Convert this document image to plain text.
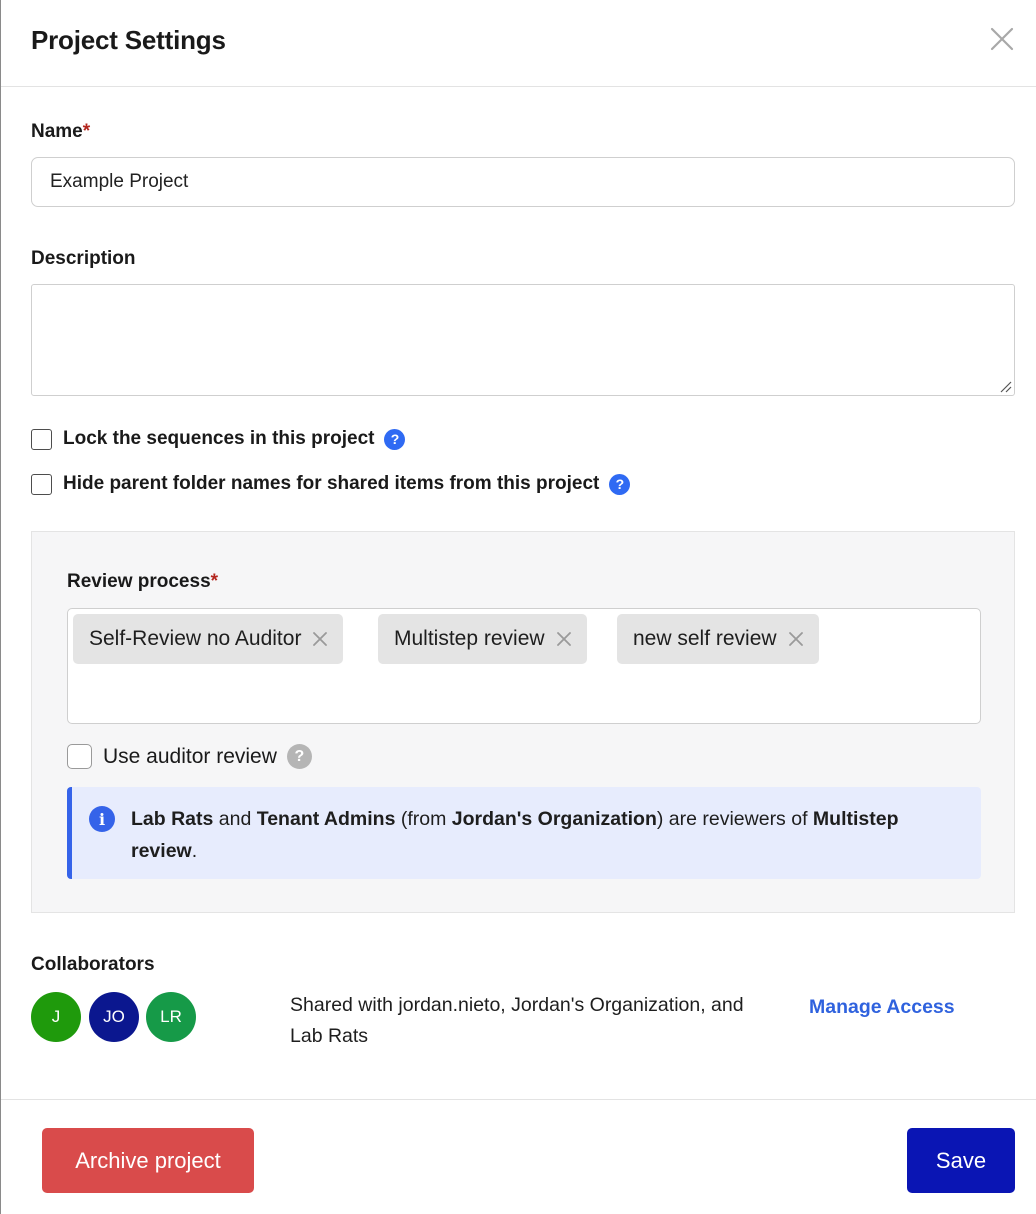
Project Settings
Name*
Example Project
Description
Lock the sequences in this project	?
Hide parent folder names for shared items from this project	?
Review process*
Self-Review no Auditor	Multistep review	new self review
Use auditor review	?
i	Lab Rats and Tenant Admins (from Jordan's Organization) are reviewers of Multistep review.
Collaborators
J	JO LR
Shared with jordan.nieto, Jordan's Organization, and Lab Rats
Manage Access
Archive project	Save
